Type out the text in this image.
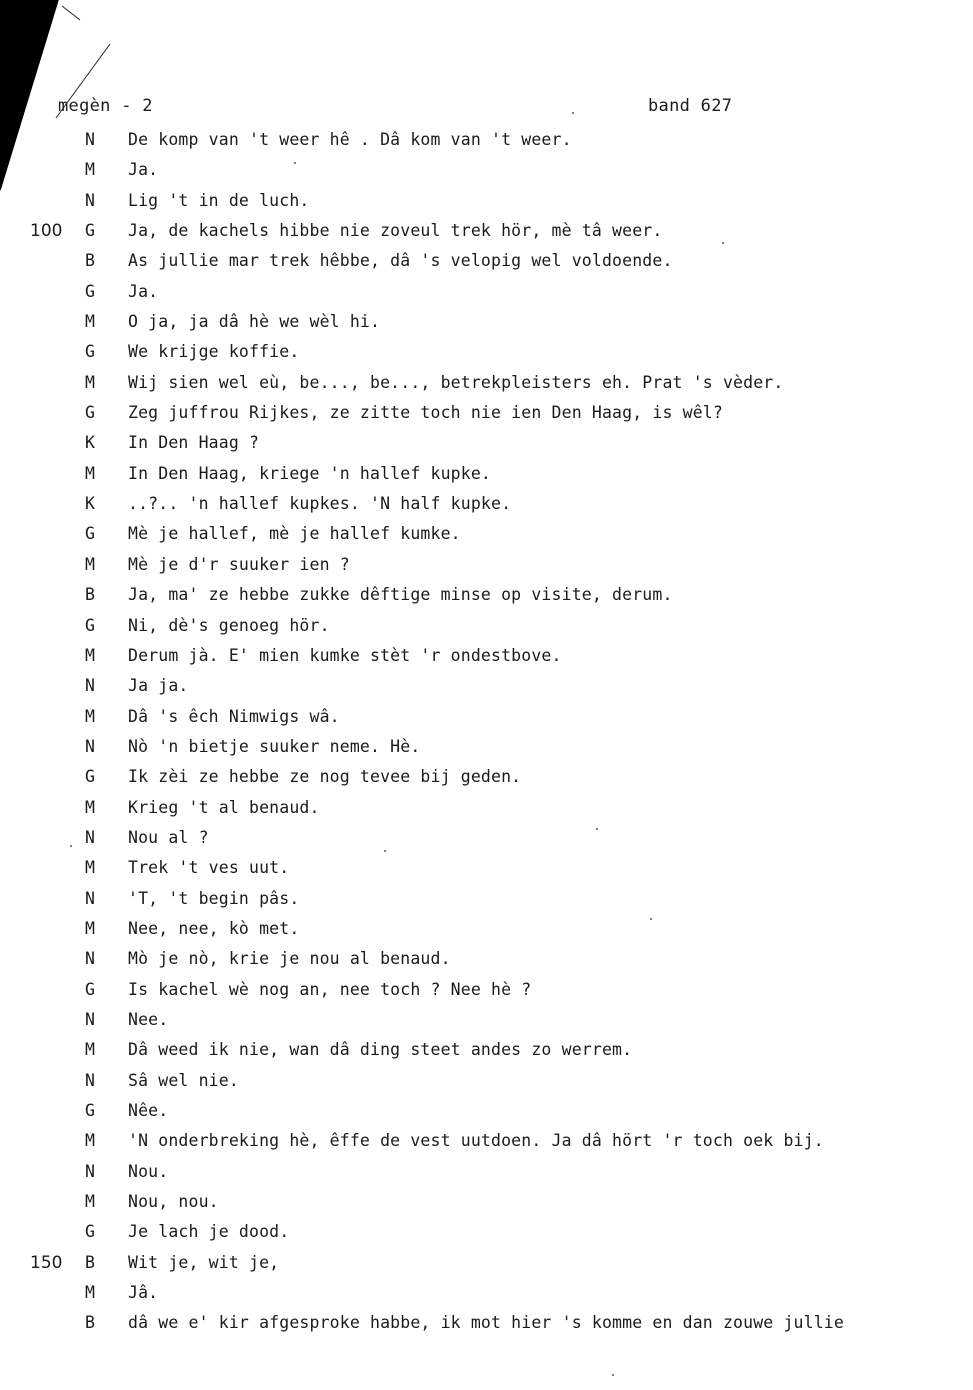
megèn - 2	band 627
N	De komp van 't weer hê . Dâ kom van 't weer.
M	Ja.
N	Lig 't in de luch.
100	G	Ja, de kachels hibbe nie zoveul trek hör, mè tâ weer.
B	As jullie mar trek hêbbe, dâ 's velopig wel voldoende.
G	Ja.
M	O ja, ja dâ hè we wèl hi.
G	We krijge koffie.
M	Wij sien wel eù, be..., be..., betrekpleisters eh. Prat 's vèder.
G	Zeg juffrou Rijkes, ze zitte toch nie ien Den Haag, is wêl?
K	In Den Haag ?
M	In Den Haag, kriege 'n hallef kupke.
K	..?.. 'n hallef kupkes. 'N half kupke.
G	Mè je hallef, mè je hallef kumke.
M	Mè je d'r suuker ien ?
B	Ja, ma' ze hebbe zukke dêftige minse op visite, derum.
G	Ni, dè's genoeg hör.
M	Derum jà. E' mien kumke stèt 'r ondestbove.
N	Ja ja.
M	Dâ 's êch Nimwigs wâ.
N	Nò 'n bietje suuker neme. Hè.
G	Ik zèi ze hebbe ze nog tevee bij geden.
M	Krieg 't al benaud.
N	Nou al ?
M	Trek 't ves uut.
N	'T, 't begin pâs.
M	Nee, nee, kò met.
N	Mò je nò, krie je nou al benaud.
G	Is kachel wè nog an, nee toch ? Nee hè ?
N	Nee.
M	Dâ weed ik nie, wan dâ ding steet andes zo werrem.
N	Sâ wel nie.
G	Nêe.
M	'N onderbreking hè, êffe de vest uutdoen. Ja dâ hört 'r toch oek bij.
N	Nou.
M	Nou, nou.
G	Je lach je dood.
150	B	Wit je, wit je,
M	Jâ.
B	dâ we e' kir afgesproke habbe, ik mot hier 's komme en dan zouwe jullie
